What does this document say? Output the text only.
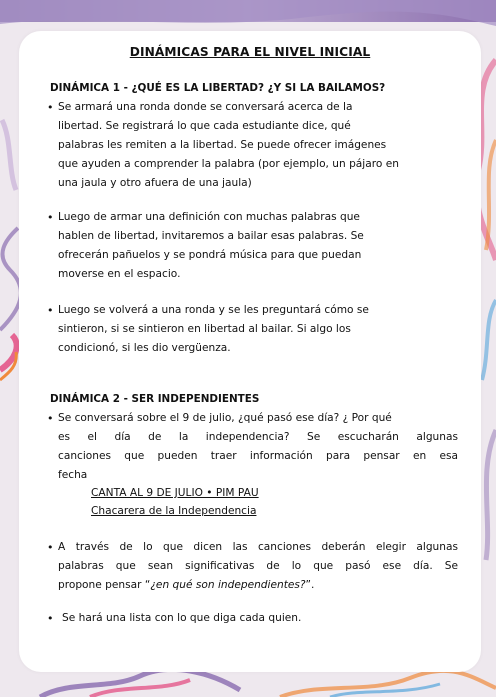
DINÁMICAS PARA EL NIVEL INICIAL
DINÁMICA 1 - ¿QUÉ ES LA LIBERTAD? ¿Y SI LA BAILAMOS?
• Se armará una ronda donde se conversará acerca de la

libertad. Se registrará lo que cada estudiante dice, qué

palabras les remiten a la libertad. Se puede ofrecer imágenes

que ayuden a comprender la palabra (por ejemplo, un pájaro en

una jaula y otro afuera de una jaula)

• Luego de armar una definición con muchas palabras que

hablen de libertad, invitaremos a bailar esas palabras. Se

ofrecerán pañuelos y se pondrá música para que puedan

moverse en el espacio.

• Luego se volverá a una ronda y se les preguntará cómo se

sintieron, si se sintieron en libertad al bailar. Si algo los

condicionó, si les dio vergüenza.

DINÁMICA 2 - SER INDEPENDIENTES
• Se conversará sobre el 9 de julio, ¿qué pasó ese día? ¿ Por qué

es el día de la independencia? Se escucharán algunas

canciones que pueden traer información para pensar en esa

fecha

CANTA AL 9 DE JULIO • PIM PAU
Chacarera de la Independencia
• A través de lo que dicen las canciones deberán elegir algunas

palabras que sean significativas de lo que pasó ese día. Se

propone pensar “¿en qué son independientes?”.

• Se hará una lista con lo que diga cada quien.
